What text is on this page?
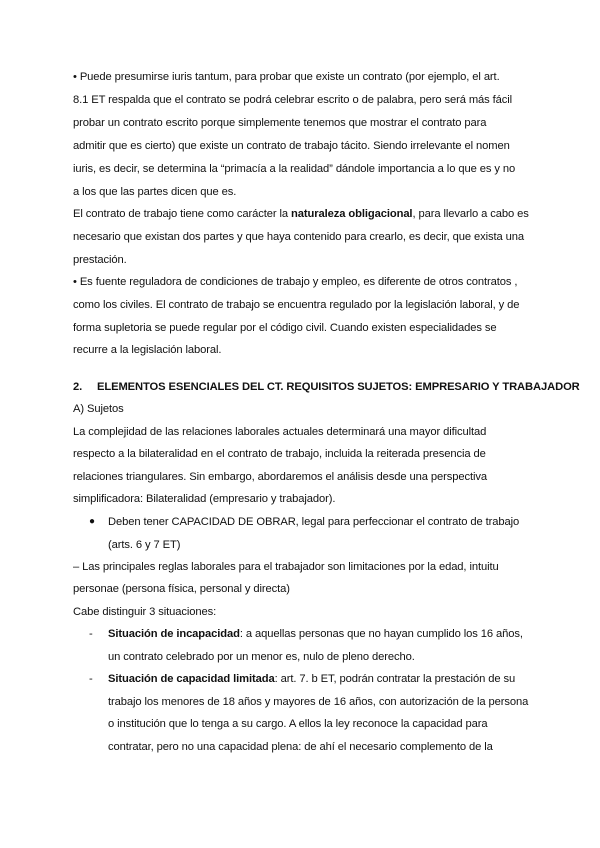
• Puede presumirse iuris tantum, para probar que existe un contrato (por ejemplo, el art.
8.1 ET respalda que el contrato se podrá celebrar escrito o de palabra, pero será más fácil
probar un contrato escrito porque simplemente tenemos que mostrar el contrato para
admitir que es cierto) que existe un contrato de trabajo tácito. Siendo irrelevante el nomen
iuris, es decir, se determina la “primacía a la realidad” dándole importancia a lo que es y no
a los que las partes dicen que es.
El contrato de trabajo tiene como carácter la naturaleza obligacional, para llevarlo a cabo es
necesario que existan dos partes y que haya contenido para crearlo, es decir, que exista una
prestación.
• Es fuente reguladora de condiciones de trabajo y empleo, es diferente de otros contratos ,
como los civiles. El contrato de trabajo se encuentra regulado por la legislación laboral, y de
forma supletoria se puede regular por el código civil. Cuando existen especialidades se
recurre a la legislación laboral.
2. ELEMENTOS ESENCIALES DEL CT. REQUISITOS SUJETOS: EMPRESARIO Y TRABAJADOR
A) Sujetos
La complejidad de las relaciones laborales actuales determinará una mayor dificultad
respecto a la bilateralidad en el contrato de trabajo, incluida la reiterada presencia de
relaciones triangulares. Sin embargo, abordaremos el análisis desde una perspectiva
simplificadora: Bilateralidad (empresario y trabajador).
● Deben tener CAPACIDAD DE OBRAR, legal para perfeccionar el contrato de trabajo
(arts. 6 y 7 ET)
– Las principales reglas laborales para el trabajador son limitaciones por la edad, intuitu
personae (persona física, personal y directa)
Cabe distinguir 3 situaciones:
- Situación de incapacidad: a aquellas personas que no hayan cumplido los 16 años,
un contrato celebrado por un menor es, nulo de pleno derecho.
- Situación de capacidad limitada: art. 7. b ET, podrán contratar la prestación de su
trabajo los menores de 18 años y mayores de 16 años, con autorización de la persona
o institución que lo tenga a su cargo. A ellos la ley reconoce la capacidad para
contratar, pero no una capacidad plena: de ahí el necesario complemento de la
